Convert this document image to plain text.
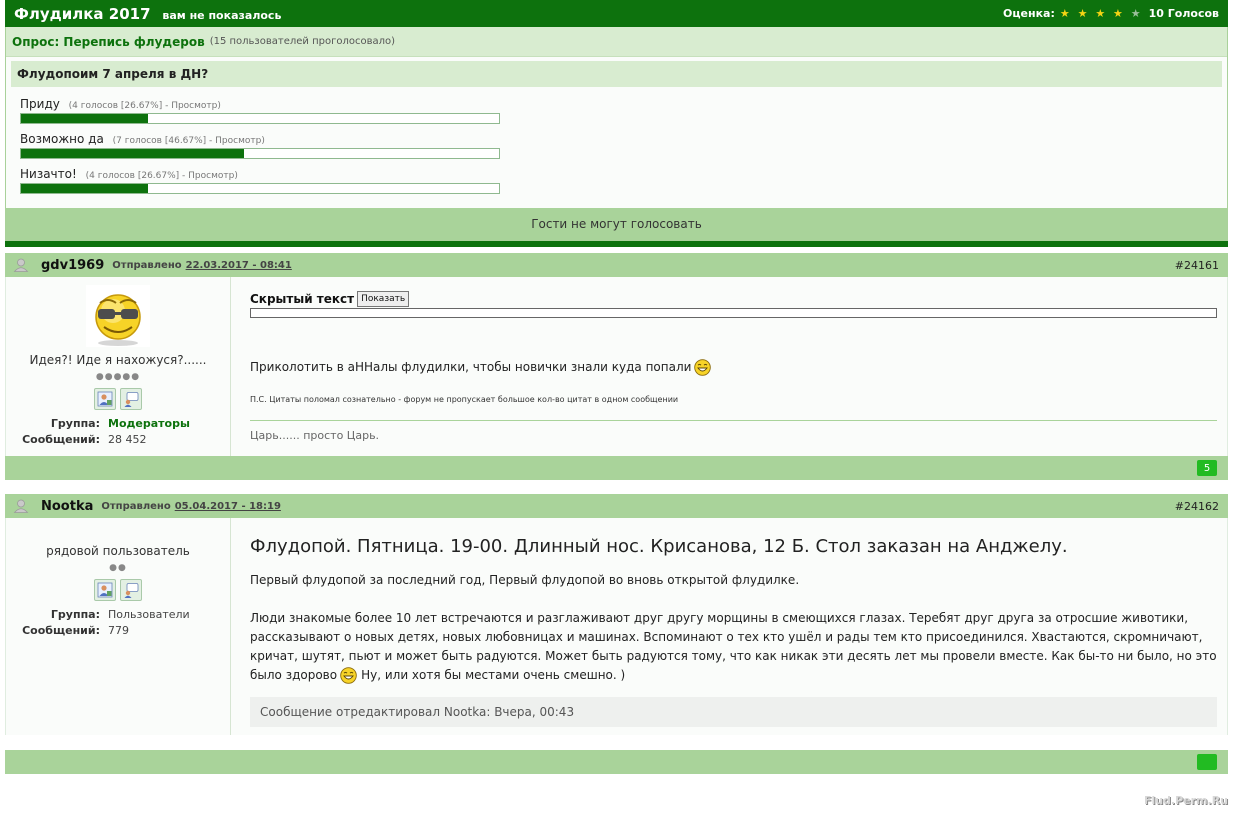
Флудилка 2017 вам не показалось	Оценка: ★ ★ ★ ★ ★ 10 Голосов
Опрос: Перепись флудеров (15 пользователей проголосовало)
Флудопоим 7 апреля в ДН?
Приду (4 голосов [26.67%] - Просмотр)
Возможно да (7 голосов [46.67%] - Просмотр)
Низачто! (4 голосов [26.67%] - Просмотр)
Гости не могут голосовать
gdv1969 Отправлено 22.03.2017 - 08:41	#24161
Идея?! Иде я нахожуся?......
●●●●●
Группа: Модераторы
Сообщений: 28 452
Скрытый текст Показать
Приколотить в аННалы флудилки, чтобы новички знали куда попали
П.С. Цитаты поломал сознательно - форум не пропускает большое кол-во цитат в одном сообщении
Царь...... просто Царь.
5
Nootka Отправлено 05.04.2017 - 18:19	#24162
рядовой пользователь
●●
Группа: Пользователи
Сообщений: 779
Флудопой. Пятница. 19-00. Длинный нос. Крисанова, 12 Б. Стол заказан на Анджелу.
Первый флудопой за последний год, Первый флудопой во вновь открытой флудилке.
Люди знакомые более 10 лет встречаются и разглаживают друг другу морщины в смеющихся глазах. Теребят друг друга за отросшие животики, рассказывают о новых детях, новых любовницах и машинах. Вспоминают о тех кто ушёл и рады тем кто присоединился. Хвастаются, скромничают, кричат, шутят, пьют и может быть радуются. Может быть радуются тому, что как никак эти десять лет мы провели вместе. Как бы-то ни было, но это было здорово Ну, или хотя бы местами очень смешно. )
Сообщение отредактировал Nootka: Вчера, 00:43
Flud.Perm.Ru
